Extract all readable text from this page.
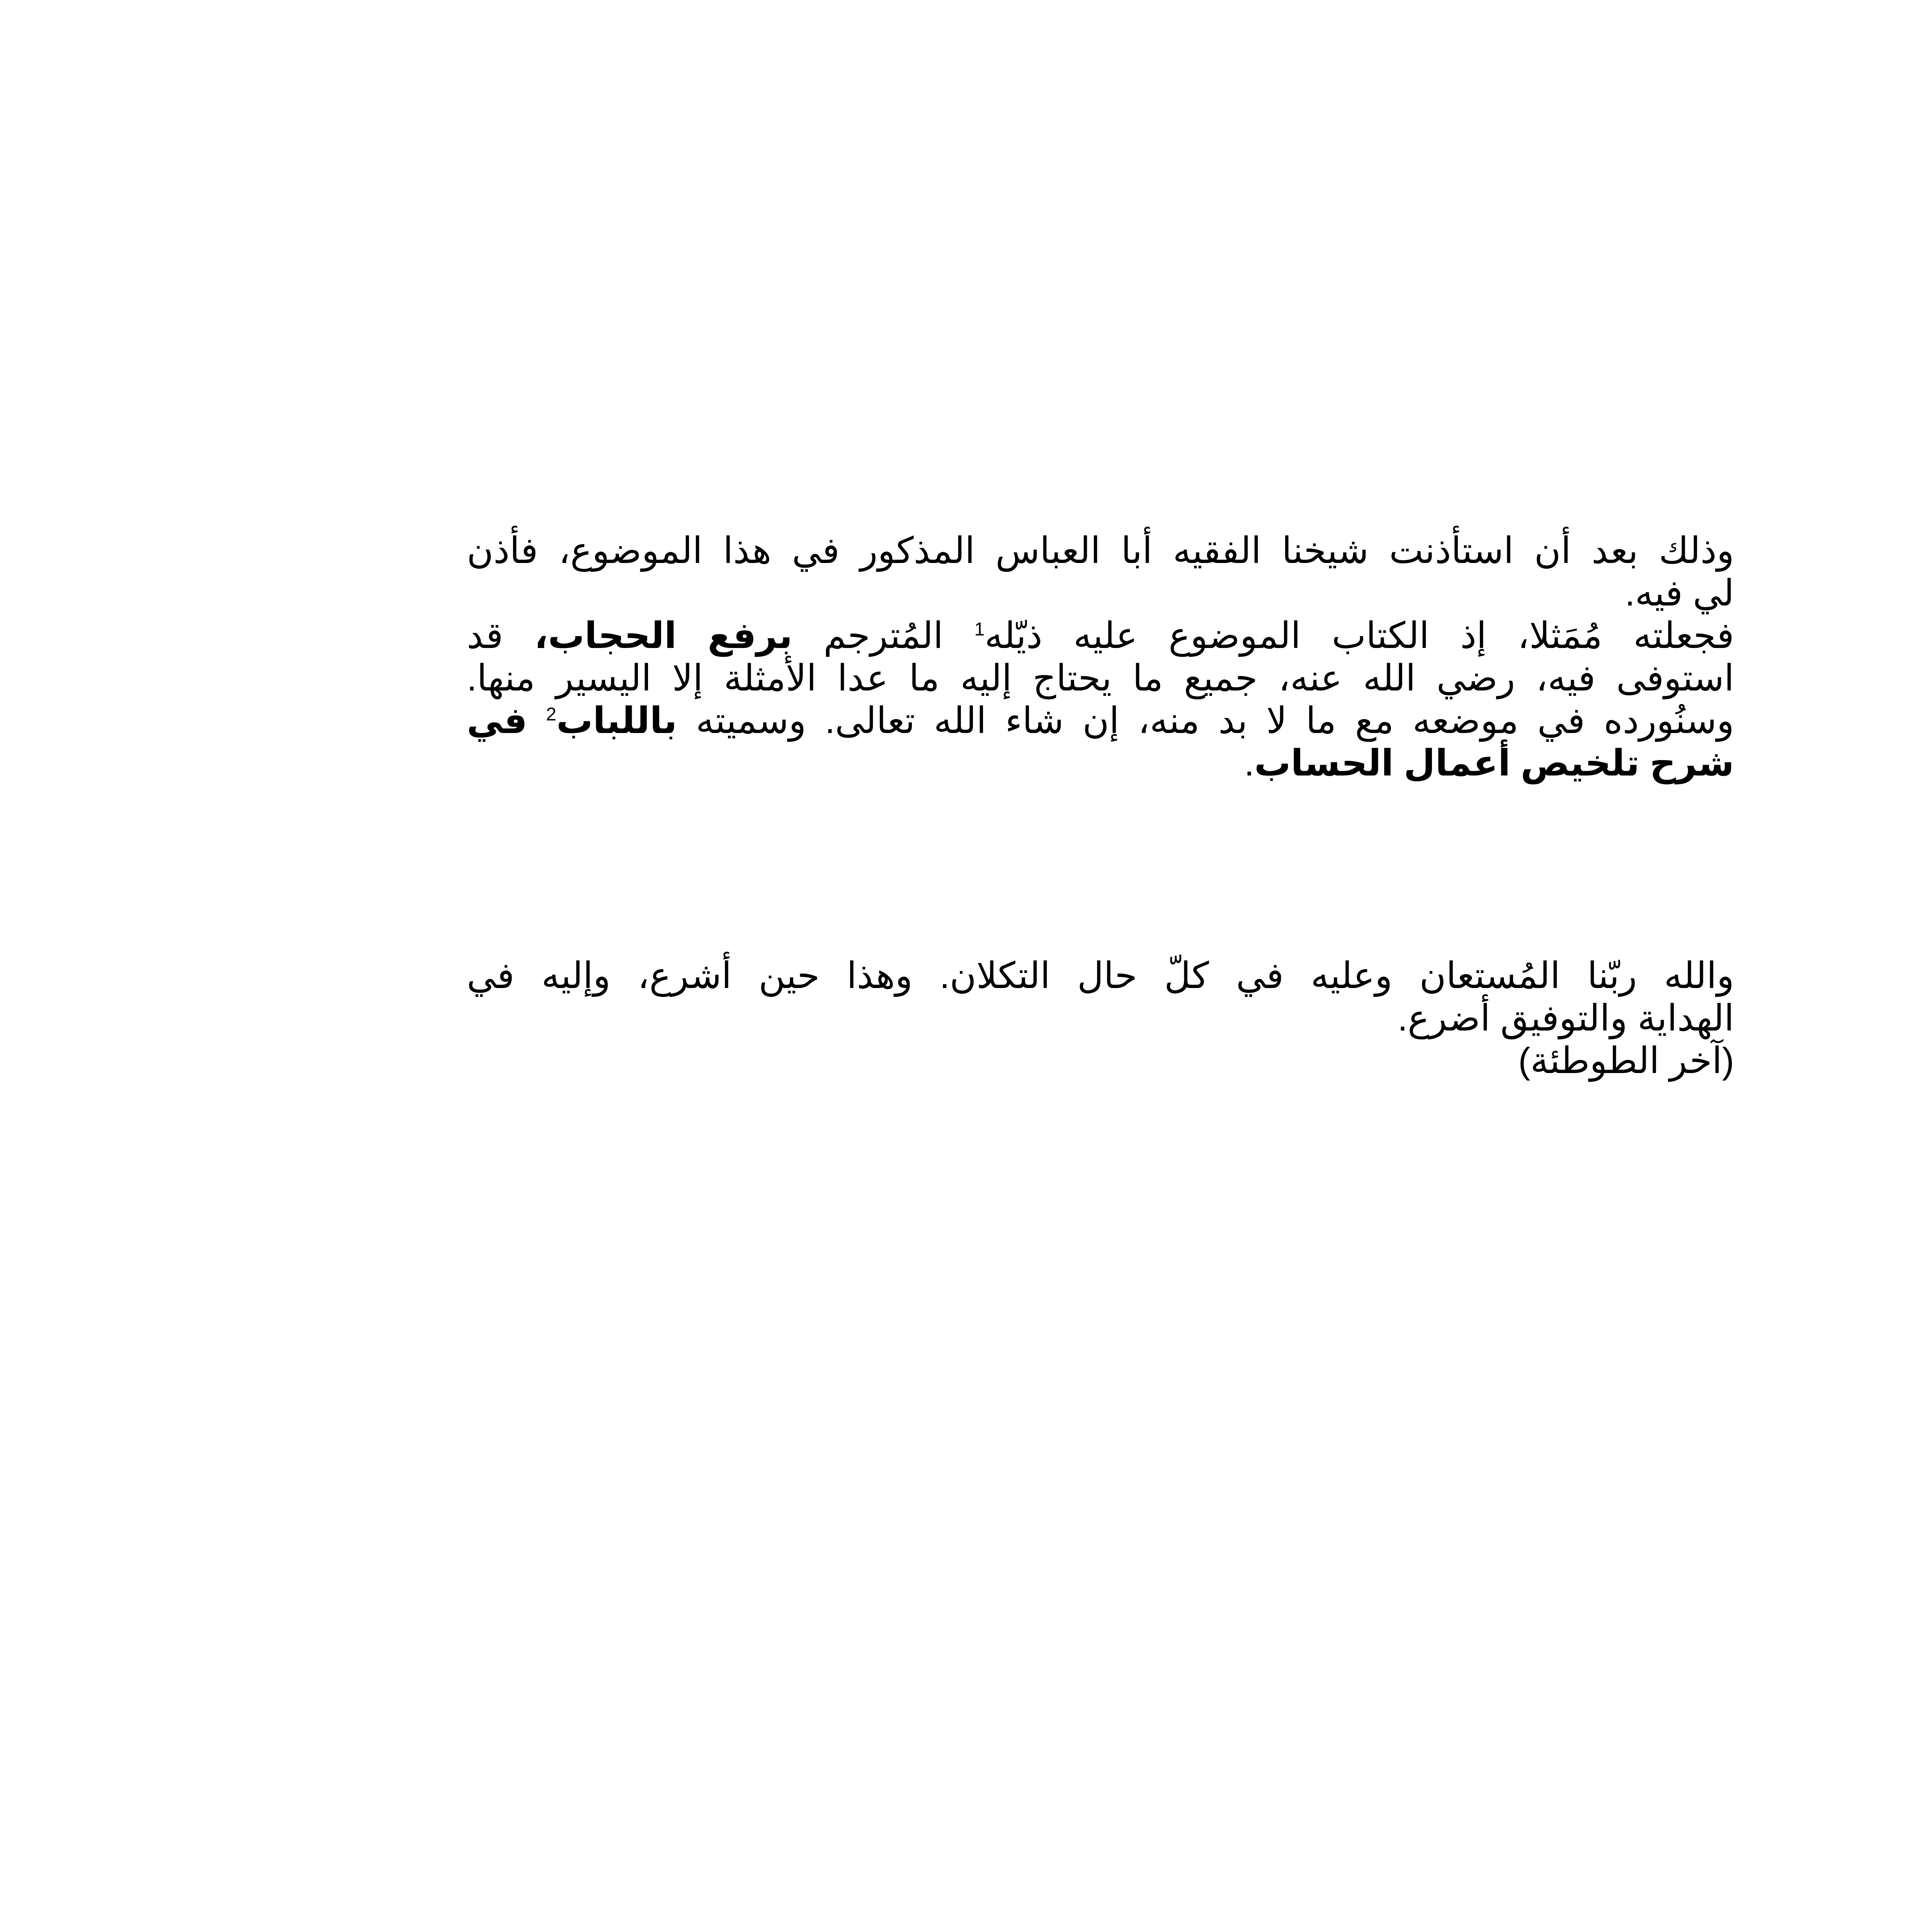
وذلك بعد أن استأذنت شيخنا الفقيه أبا العباس المذكور في هذا الموضوع، فأذن
لي فيه.
فجعلته مُمَثلا، إذ الكتاب الموضوع عليه ذيّله$^1$ المُترجم برفع الحجاب، قد
استوفى فيه، رضي الله عنه، جميع ما يحتاج إليه ما عدا الأمثلة إلا اليسير منها.
وسنُورده في موضعه مع ما لا بد منه، إن شاء الله تعالى. وسميته باللباب$^2$ في
شرح تلخيص أعمال الحساب.
والله ربّنا المُستعان وعليه في كلّ حال التكلان. وهذا حين أشرع، وإليه في
الهداية والتوفيق أضرع.
(آخر الطوطئة)
